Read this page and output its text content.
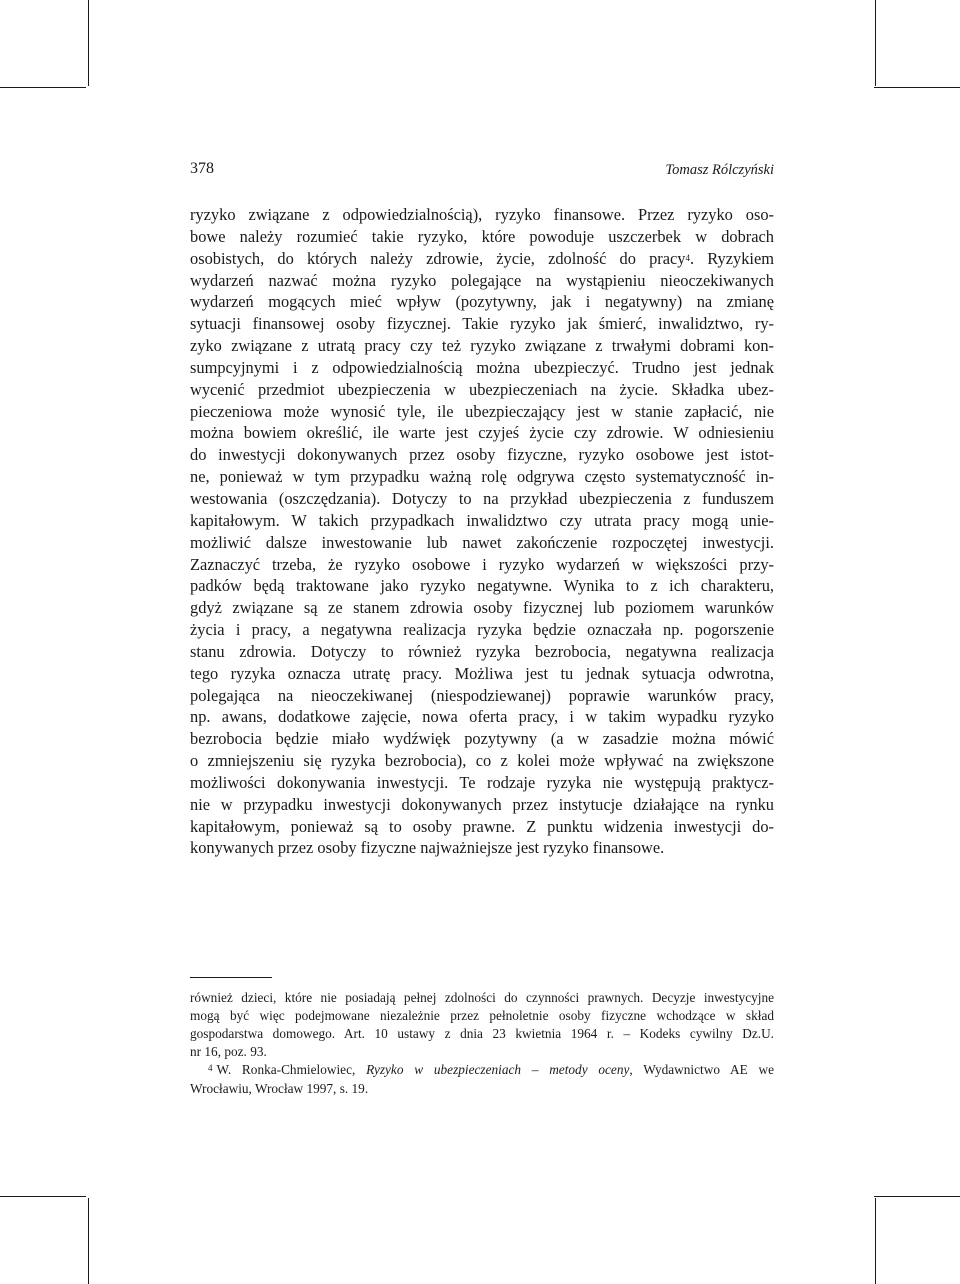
378	Tomasz Rólczyński
ryzyko związane z odpowiedzialnością), ryzyko finansowe. Przez ryzyko oso-
bowe należy rozumieć takie ryzyko, które powoduje uszczerbek w dobrach
osobistych, do których należy zdrowie, życie, zdolność do pracy$^4$. Ryzykiem
wydarzeń nazwać można ryzyko polegające na wystąpieniu nieoczekiwanych
wydarzeń mogących mieć wpływ (pozytywny, jak i negatywny) na zmianę
sytuacji finansowej osoby fizycznej. Takie ryzyko jak śmierć, inwalidztwo, ry-
zyko związane z utratą pracy czy też ryzyko związane z trwałymi dobrami kon-
sumpcyjnymi i z odpowiedzialnością można ubezpieczyć. Trudno jest jednak
wycenić przedmiot ubezpieczenia w ubezpieczeniach na życie. Składka ubez-
pieczeniowa może wynosić tyle, ile ubezpieczający jest w stanie zapłacić, nie
można bowiem określić, ile warte jest czyjeś życie czy zdrowie. W odniesieniu
do inwestycji dokonywanych przez osoby fizyczne, ryzyko osobowe jest istot-
ne, ponieważ w tym przypadku ważną rolę odgrywa często systematyczność in-
westowania (oszczędzania). Dotyczy to na przykład ubezpieczenia z funduszem
kapitałowym. W takich przypadkach inwalidztwo czy utrata pracy mogą unie-
możliwić dalsze inwestowanie lub nawet zakończenie rozpoczętej inwestycji.
Zaznaczyć trzeba, że ryzyko osobowe i ryzyko wydarzeń w większości przy-
padków będą traktowane jako ryzyko negatywne. Wynika to z ich charakteru,
gdyż związane są ze stanem zdrowia osoby fizycznej lub poziomem warunków
życia i pracy, a negatywna realizacja ryzyka będzie oznaczała np. pogorszenie
stanu zdrowia. Dotyczy to również ryzyka bezrobocia, negatywna realizacja
tego ryzyka oznacza utratę pracy. Możliwa jest tu jednak sytuacja odwrotna,
polegająca na nieoczekiwanej (niespodziewanej) poprawie warunków pracy,
np. awans, dodatkowe zajęcie, nowa oferta pracy, i w takim wypadku ryzyko
bezrobocia będzie miało wydźwięk pozytywny (a w zasadzie można mówić
o zmniejszeniu się ryzyka bezrobocia), co z kolei może wpływać na zwiększone
możliwości dokonywania inwestycji. Te rodzaje ryzyka nie występują praktycz-
nie w przypadku inwestycji dokonywanych przez instytucje działające na rynku
kapitałowym, ponieważ są to osoby prawne. Z punktu widzenia inwestycji do-
konywanych przez osoby fizyczne najważniejsze jest ryzyko finansowe.
również dzieci, które nie posiadają pełnej zdolności do czynności prawnych. Decyzje inwestycyjne
mogą być więc podejmowane niezależnie przez pełnoletnie osoby fizyczne wchodzące w skład
gospodarstwa domowego. Art. 10 ustawy z dnia 23 kwietnia 1964 r. – Kodeks cywilny Dz.U.
nr 16, poz. 93.
$^4$ W. Ronka-Chmielowiec, Ryzyko w ubezpieczeniach – metody oceny, Wydawnictwo AE we
Wrocławiu, Wrocław 1997, s. 19.
